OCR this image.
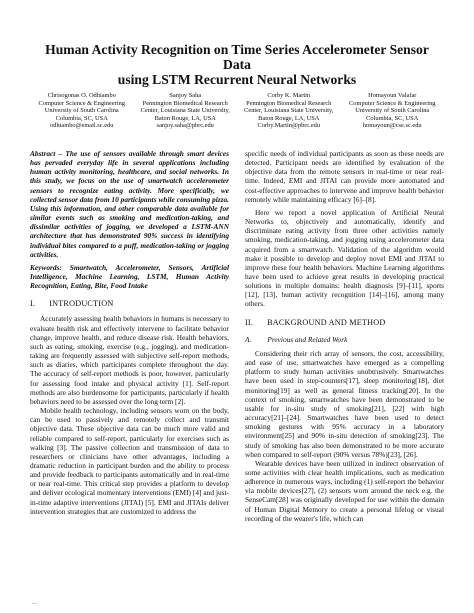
Human Activity Recognition on Time Series Accelerometer Sensor Data
using LSTM Recurrent Neural Networks
Chrisogonas O. Odhiambo
Computer Science & Engineering
University of South Carolina
Columbia, SC, USA
odhiambo@email.sc.edu
Sanjoy Saha
Pennington Biomedical Research
Center, Louisiana State University,
Baton Rouge, LA, USA
sanjoy.saha@pbrc.edu
Corby K. Martin
Pennington Biomedical Research
Center, Louisiana State University,
Baton Rouge, LA, USA
Corby.Martin@pbrc.edu
Homayoun Valafar
Computer Science & Engineering
University of South Carolina
Columbia, SC, USA
homayoun@cse.sc.edu

Abstract – The use of sensors available through smart devices has pervaded everyday life in several applications including human activity monitoring, healthcare, and social networks. In this study, we focus on the use of smartwatch accelerometer sensors to recognize eating activity. More specifically, we collected sensor data from 10 participants while consuming pizza. Using this information, and other comparable data available for similar events such as smoking and medication-taking, and dissimilar activities of jogging, we developed a LSTM-ANN architecture that has demonstrated 90% success in identifying individual bites compared to a puff, medication-taking or jogging activities.

Keywords: Smartwatch, Accelerometer, Sensors, Artificial Intelligence, Machine Learning, LSTM, Human Activity Recognition, Eating, Bite, Food Intake

I. INTRODUCTION

Accurately assessing health behaviors in humans is necessary to evaluate health risk and effectively intervene to facilitate behavior change, improve health, and reduce disease risk. Health behaviors, such as eating, smoking, exercise (e.g., jogging), and medication-taking are frequently assessed with subjective self-report methods, such as diaries, which participants complete throughout the day. The accuracy of self-report methods is poor, however, particularly for assessing food intake and physical activity [1]. Self-report methods are also burdensome for participants, particularly if health behaviors need to be assessed over the long term [2].

Mobile health technology, including sensors worn on the body, can be used to passively and remotely collect and transmit objective data. These objective data can be much more valid and reliable compared to self-report, particularly for exercises such as walking [3]. The passive collection and transmission of data to researchers or clinicians have other advantages, including a dramatic reduction in participant burden and the ability to process and provide feedback to participants automatically and in real-time or near real-time. This critical step provides a platform to develop and deliver ecological momentary interventions (EMI) [4] and just-in-time adaptive interventions (JITAI) [5]. EMI and JITAIs deliver intervention strategies that are customized to address the

specific needs of individual participants as soon as these needs are detected. Participant needs are identified by evaluation of the objective data from the remote sensors in real-time or near real-time. Indeed, EMI and JITAI can provide more automated and cost-effective approaches to intervene and improve health behavior remotely while maintaining efficacy [6]–[8].

Here we report a novel application of Artificial Neural Networks to, objectively and automatically, identify and discriminate eating activity from three other activities namely smoking, medication-taking, and jogging using accelerometer data acquired from a smartwatch. Validation of the algorithm would make it possible to develop and deploy novel EMI and JITAI to improve these four health behaviors. Machine Learning algorithms have been used to achieve great results in developing practical solutions in multiple domains: health diagnosis [9]–[11], sports [12], [13], human activity recognition [14]–[16], among many others.

II. BACKGROUND AND METHOD

A. Previous and Related Work

Considering their rich array of sensors, the cost, accessibility, and ease of use, smartwatches have emerged as a compelling platform to study human activities unobtrusively. Smartwatches have been used in step-counters[17], sleep monitoring[18], diet monitoring[19] as well as general fitness tracking[20]. In the context of smoking, smartwatches have been demonstrated to be usable for in-situ study of smoking[21], [22] with high accuracy[21]–[24]. Smartwatches have been used to detect smoking gestures with 95% accuracy in a laboratory environment[25] and 90% in-situ detection of smoking[23]. The study of smoking has also been demonstrated to be more accurate when compared to self-report (90% versus 78%)[23], [26].

Wearable devices have been utilized in indirect observation of some activities with clear health implications, such as medication adherence in numerous ways, including (1) self-report the behavior via mobile devices[27], (2) sensors worn around the neck e.g. the SenseCam[28] was originally developed for use within the domain of Human Digital Memory to create a personal lifelog or visual recording of the wearer's life, which can

—
